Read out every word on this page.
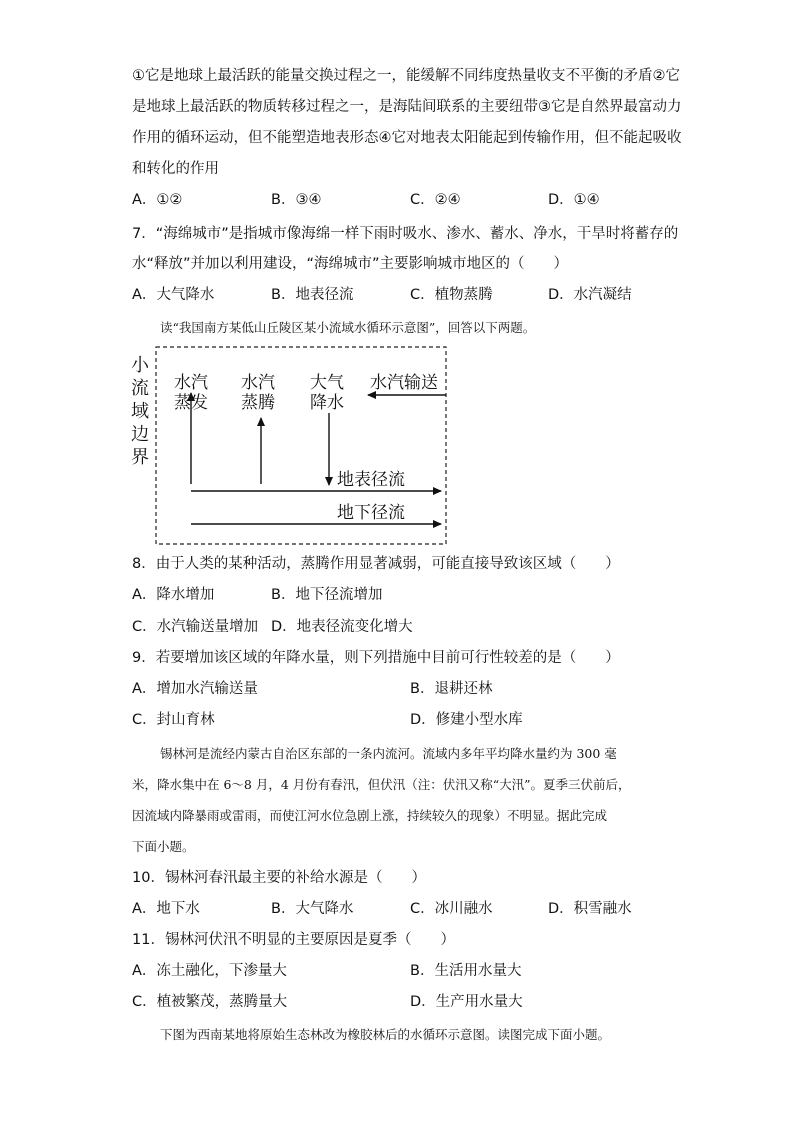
①它是地球上最活跃的能量交换过程之一，能缓解不同纬度热量收支不平衡的矛盾②它
是地球上最活跃的物质转移过程之一，是海陆间联系的主要纽带③它是自然界最富动力
作用的循环运动，但不能塑造地表形态④它对地表太阳能起到传输作用，但不能起吸收
和转化的作用
A．①②	B．③④	C．②④	D．①④
7．“海绵城市”是指城市像海绵一样下雨时吸水、渗水、蓄水、净水，干旱时将蓄存的
水“释放”并加以利用建设，“海绵城市”主要影响城市地区的（　　）
A．大气降水	B．地表径流	C．植物蒸腾	D．水汽凝结
读“我国南方某低山丘陵区某小流域水循环示意图”，回答以下两题。
小
流
域
边
界
水汽
蒸发
水汽
蒸腾
大气
降水
水汽输送
地表径流
地下径流
8．由于人类的某种活动，蒸腾作用显著减弱，可能直接导致该区域（　　）
A．降水增加	B．地下径流增加
C．水汽输送量增加 D．地表径流变化增大
9．若要增加该区域的年降水量，则下列措施中目前可行性较差的是（　　）
A．增加水汽输送量	B．退耕还林
C．封山育林	D．修建小型水库
锡林河是流经内蒙古自治区东部的一条内流河。流域内多年平均降水量约为 300 毫
米，降水集中在 6～8 月，4 月份有春汛，但伏汛（注：伏汛又称“大汛”。夏季三伏前后，
因流域内降暴雨或雷雨，而使江河水位急剧上涨，持续较久的现象）不明显。据此完成
下面小题。
10．锡林河春汛最主要的补给水源是（　　）
A．地下水	B．大气降水	C．冰川融水	D．积雪融水
11．锡林河伏汛不明显的主要原因是夏季（　　）
A．冻土融化，下渗量大	B．生活用水量大
C．植被繁茂，蒸腾量大	D．生产用水量大
下图为西南某地将原始生态林改为橡胶林后的水循环示意图。读图完成下面小题。
